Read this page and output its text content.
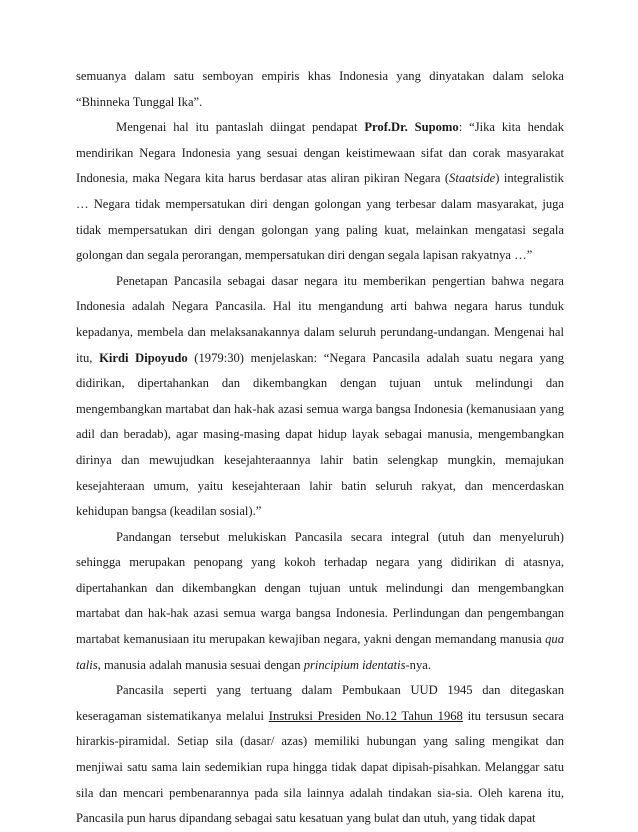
semuanya dalam satu semboyan empiris khas Indonesia yang dinyatakan dalam seloka “Bhinneka Tunggal Ika”.

Mengenai hal itu pantaslah diingat pendapat Prof.Dr. Supomo: “Jika kita hendak mendirikan Negara Indonesia yang sesuai dengan keistimewaan sifat dan corak masyarakat Indonesia, maka Negara kita harus berdasar atas aliran pikiran Negara (Staatside) integralistik … Negara tidak mempersatukan diri dengan golongan yang terbesar dalam masyarakat, juga tidak mempersatukan diri dengan golongan yang paling kuat, melainkan mengatasi segala golongan dan segala perorangan, mempersatukan diri dengan segala lapisan rakyatnya …”

Penetapan Pancasila sebagai dasar negara itu memberikan pengertian bahwa negara Indonesia adalah Negara Pancasila. Hal itu mengandung arti bahwa negara harus tunduk kepadanya, membela dan melaksanakannya dalam seluruh perundang-undangan. Mengenai hal itu, Kirdi Dipoyudo (1979:30) menjelaskan: “Negara Pancasila adalah suatu negara yang didirikan, dipertahankan dan dikembangkan dengan tujuan untuk melindungi dan mengembangkan martabat dan hak-hak azasi semua warga bangsa Indonesia (kemanusiaan yang adil dan beradab), agar masing-masing dapat hidup layak sebagai manusia, mengembangkan dirinya dan mewujudkan kesejahteraannya lahir batin selengkap mungkin, memajukan kesejahteraan umum, yaitu kesejahteraan lahir batin seluruh rakyat, dan mencerdaskan kehidupan bangsa (keadilan sosial).”

Pandangan tersebut melukiskan Pancasila secara integral (utuh dan menyeluruh) sehingga merupakan penopang yang kokoh terhadap negara yang didirikan di atasnya, dipertahankan dan dikembangkan dengan tujuan untuk melindungi dan mengembangkan martabat dan hak-hak azasi semua warga bangsa Indonesia. Perlindungan dan pengembangan martabat kemanusiaan itu merupakan kewajiban negara, yakni dengan memandang manusia qua talis, manusia adalah manusia sesuai dengan principium identatis-nya.

Pancasila seperti yang tertuang dalam Pembukaan UUD 1945 dan ditegaskan keseragaman sistematikanya melalui Instruksi Presiden No.12 Tahun 1968 itu tersusun secara hirarkis-piramidal. Setiap sila (dasar/ azas) memiliki hubungan yang saling mengikat dan menjiwai satu sama lain sedemikian rupa hingga tidak dapat dipisah-pisahkan. Melanggar satu sila dan mencari pembenarannya pada sila lainnya adalah tindakan sia-sia. Oleh karena itu, Pancasila pun harus dipandang sebagai satu kesatuan yang bulat dan utuh, yang tidak dapat
